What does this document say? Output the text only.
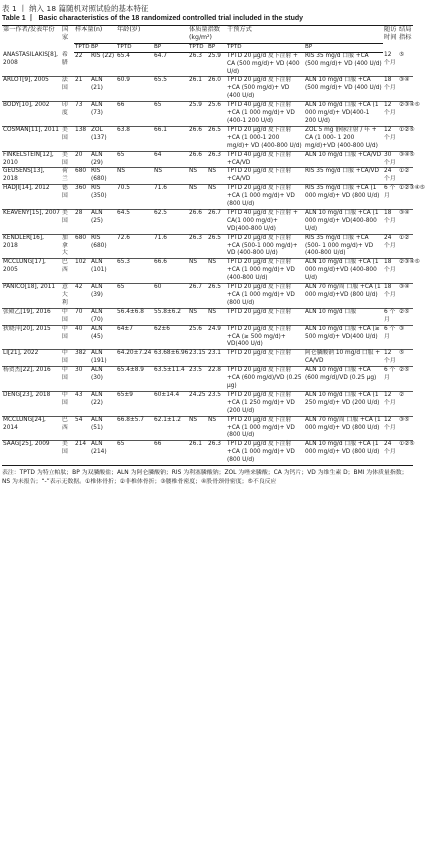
表 1 丨 纳入 18 篇随机对照试验的基本特征
Table 1 丨 Basic characteristics of the 18 randomized controlled trial included in the study
第一作者/发表年份	国家	样本量(n)		年龄(岁)		体质量指数(kg/m²)		干预方式		随访时间	结局指标
		TPTD	BP	TPTD	BP	TPTD	BP	TPTD	BP		
ANASTASILAKIS[8], 2008	希腊	22	RIS (22)	65.4	64.7	26.3	25.9	TPTD 20 µg/d 皮下注射 + CA (500 mg/d)+ VD (400 U/d)	RIS 35 mg/d 口服 +CA (500 mg/d)+ VD (400 U/d)	12 个月	⑤
ARLOT[9], 2005	法国	21	ALN (21)	60.9	65.5	26.1	26.0	TPTD 20 µg/d 皮下注射 +CA (500 mg/d)+ VD (400 U/d)	ALN 10 mg/d 口服 +CA (500 mg/d)+ VD (400 U/d)	18 个月	③④
BODY[10], 2002	印度	73	ALN (73)	66	65	25.9	25.6	TPTD 40 µg/d 皮下注射 +CA (1 000 mg/d)+ VD (400-1 200 U/d)	ALN 10 mg/d 口服 +CA (1 000 mg/d)+ VD(400-1 200 U/d)	12 个月	②③④⑤
COSMAN[11], 2011	美国	138	ZOL (137)	63.8	66.1	26.6	26.5	TPTD 20 µg/d 皮下注射 +CA (1 000-1 200 mg/d)+ VD (400-800 U/d)	ZOL 5 mg 静脉注射 / 年 + CA (1 000- 1 200 mg/d)+VD (400-800 U/d)	12 个月	①②⑤
FINKELSTEIN[12], 2010	美国	20	ALN (29)	65	64	26.6	26.3	TPTD 40 µg/d 皮下注射 +CA/VD	ALN 10 mg/d 口服 +CA/VD	30 个月	③④⑤
GEUSENS[13], 2018	荷兰	680	RIS (680)	NS	NS	NS	NS	TPTD 20 µg/d 皮下注射 +CA/VD	RIS 35 mg/d 口服 +CA/VD	24 个月	①②
HADJI[14], 2012	德国	360	RIS (350)	70.5	71.6	NS	NS	TPTD 20 µg/d 皮下注射 +CA (1 000 mg/d)+ VD (800 U/d)	RIS 35 mg/d 口服 +CA (1 000 mg/d)+ VD (800 U/d)	6 个月	①②③④⑤
KEAVENY[15], 2007	美国	28	ALN (25)	64.5	62.5	26.6	26.7	TPTD 40 µg/d 皮下注射 + CA(1 000 mg/d)+ VD(400-800 U/d)	ALN 10 mg/d 口服 +CA (1 000 mg/d)+ VD(400-800 U/d)	18 个月	③④
KENDLER[16], 2018	加拿大	680	RIS (680)	72.6	71.6	26.3	26.5	TPTD 20 µg/d 皮下注射 +CA (500-1 000 mg/d)+ VD (400-800 U/d)	RIS 35 mg/d 口服 +CA (500- 1 000 mg/d)+ VD (400-800 U/d)	24 个月	①②
MCCLUNG[17], 2005	巴西	102	ALN (101)	65.3	66.6	NS	NS	TPTD 20 µg/d 皮下注射 +CA (1 000 mg/d)+ VD (400-800 U/d)	ALN 10 mg/d 口服 +CA (1 000 mg/d)+VD (400-800 U/d)	18 个月	②③④⑤
PANICO[18], 2011	意大利	42	ALN (39)	65	60	26.7	26.5	TPTD 20 µg/d 皮下注射 +CA (1 000 mg/d)+ VD (800 U/d)	ALN 70 mg/周 口服 +CA (1 000 mg/d)+VD (800 U/d)	18 个月	③④
张殿乙[19], 2016	中国	70	ALN (70)	56.4±6.8	55.8±6.2	NS	NS	TPTD 20 µg/d 皮下注射	ALN 10 mg/d 口服	6 个月	②⑤
狄晓萍[20], 2015	中国	40	ALN (45)	64±7	62±6	25.6	24.9	TPTD 20 µg/d 皮下注射 +CA (≥ 500 mg/d)+ VD(400 U/d)	ALN 10 mg/d 口服 +CA (≥ 500 mg/d)+ VD(400 U/d)	6 个月	③
LI[21], 2022	中国	382	ALN (191)	64.20±7.24	63.68±6.96	23.15	23.1	TPTD 20 µg/d 皮下注射	阿仑膦酸钠 10 mg/d 口服 + CA/VD	12 个月	⑤
杨贺杰[22], 2016	中国	30	ALN (30)	65.4±8.9	63.5±11.4	23.5	22.8	TPTD 20 µg/d 皮下注射 +CA (600 mg/d)/VD (0.25 µg)	ALN 10 mg/d 口服 +CA (600 mg/d)/VD (0.25 µg)	6 个月	②⑤
DENG[23], 2018	中国	43	ALN (22)	65±9	60±14.4	24.25	23.5	TPTD 20 µg/d 皮下注射 +CA (1 250 mg/d)+ VD (200 U/d)	ALN 10 mg/d 口服 +CA (1 250 mg/d)+ VD (200 U/d)	12 个月	②
MCCLUNG[24], 2014	巴西	54	ALN (51)	66.8±5.7	62.1±1.2	NS	NS	TPTD 20 µg/d 皮下注射 +CA (1 000 mg/d)+ VD (800 U/d)	ALN 70 mg/周 口服 +CA (1 000 mg/d)+ VD (800 U/d)	12 个月	③⑤
SAAG[25], 2009	美国	214	ALN (214)	65	66	26.1	26.3	TPTD 20 µg/d 皮下注射 +CA (1 000 mg/d)+ VD (800 U/d)	ALN 10 mg/d 口服 +CA (1 000 mg/d)+ VD (800 U/d)	24 个月	①②⑤
表注：TPTD 为特立帕肽；BP 为双膦酸盐；ALN 为阿仑膦酸钠；RIS 为利塞膦酸钠；ZOL 为唑来膦酸；CA 为钙片；VD 为维生素 D；BMI 为体质量指数；NS 为未报告；“-”表示无数据。①椎体骨折；②非椎体骨折；③腰椎骨密度；④股骨颈骨密度；⑤不良反应
